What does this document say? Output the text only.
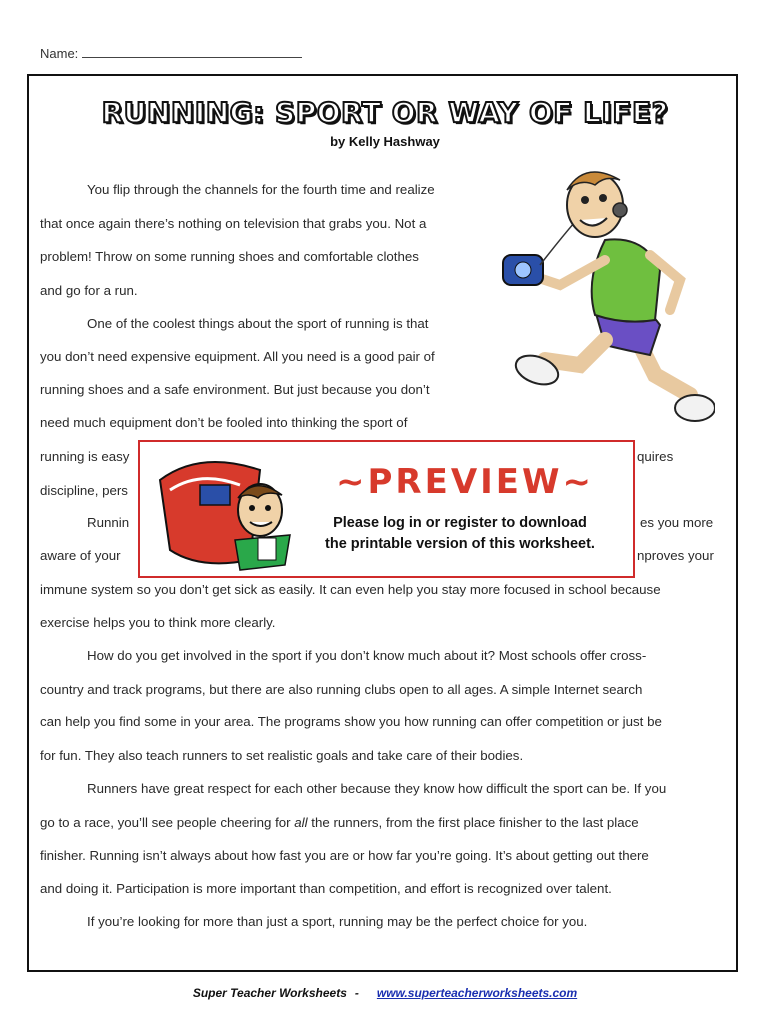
Name:
RUNNING: SPORT OR WAY OF LIFE?
by Kelly Hashway
You flip through the channels for the fourth time and realize
that once again there’s nothing on television that grabs you. Not a
problem! Throw on some running shoes and comfortable clothes
and go for a run.
One of the coolest things about the sport of running is that
you don’t need expensive equipment. All you need is a good pair of
running shoes and a safe environment. But just because you don’t
need much equipment don’t be fooled into thinking the sport of
running is easy	quires
discipline, pers
Runnin	es you more
aware of your	nproves your
immune system so you don’t get sick as easily. It can even help you stay more focused in school because
exercise helps you to think more clearly.
How do you get involved in the sport if you don’t know much about it? Most schools offer cross-
country and track programs, but there are also running clubs open to all ages. A simple Internet search
can help you find some in your area. The programs show you how running can offer competition or just be
for fun. They also teach runners to set realistic goals and take care of their bodies.
Runners have great respect for each other because they know how difficult the sport can be. If you
go to a race, you’ll see people cheering for all the runners, from the first place finisher to the last place
finisher. Running isn’t always about how fast you are or how far you’re going. It’s about getting out there
and doing it. Participation is more important than competition, and effort is recognized over talent.
If you’re looking for more than just a sport, running may be the perfect choice for you.
~PREVIEW~
Please log in or register to download
the printable version of this worksheet.
Super Teacher Worksheets - www.superteacherworksheets.com
